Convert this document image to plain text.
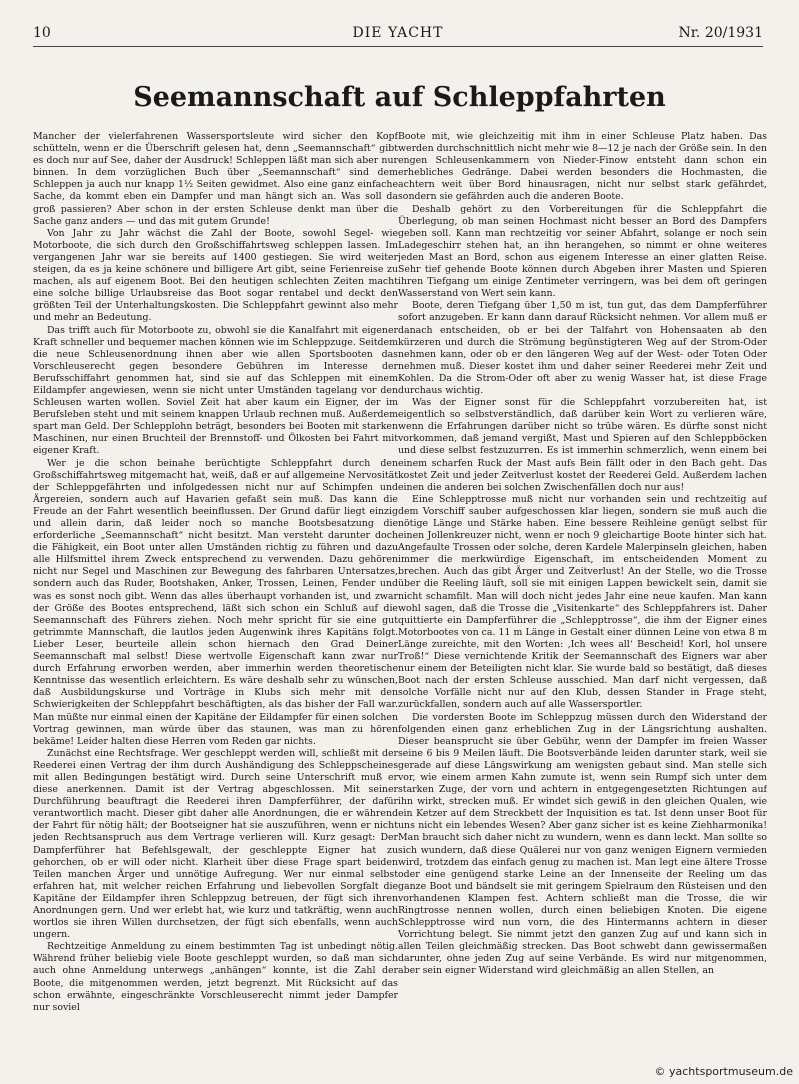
10	DIE YACHT	Nr. 20/1931
Seemannschaft auf Schleppfahrten

Mancher der vielerfahrenen Wassersportsleute wird sicher den Kopf schütteln, wenn er die Überschrift gelesen hat, denn „Seemannschaft“ gibt es doch nur auf See, daher der Ausdruck! Schleppen läßt man sich aber nur binnen. In dem vorzüglichen Buch über „Seemannschaft“ sind dem Schleppen ja auch nur knapp 1½ Seiten gewidmet. Also eine ganz einfache Sache, da kommt eben ein Dampfer und man hängt sich an. Was soll da groß passieren? Aber schon in der ersten Schleuse denkt man über die Sache ganz anders — und das mit gutem Grunde!

Von Jahr zu Jahr wächst die Zahl der Boote, sowohl Segel- wie Motorboote, die sich durch den Großschiffahrtsweg schleppen lassen. Im vergangenen Jahr war sie bereits auf 1400 gestiegen. Sie wird weiter steigen, da es ja keine schönere und billigere Art gibt, seine Ferienreise zu machen, als auf eigenem Boot. Bei den heutigen schlechten Zeiten macht eine solche billige Urlaubsreise das Boot sogar rentabel und deckt den größten Teil der Unterhaltungskosten. Die Schleppfahrt gewinnt also mehr und mehr an Bedeutung.

Das trifft auch für Motorboote zu, obwohl sie die Kanalfahrt mit eigener Kraft schneller und bequemer machen können wie im Schleppzuge. Seitdem die neue Schleusenordnung ihnen aber wie allen Sportsbooten das Vorschleuserecht gegen besondere Gebühren im Interesse der Berufsschiffahrt genommen hat, sind sie auf das Schleppen mit einem Eildampfer angewiesen, wenn sie nicht unter Umständen tagelang vor den Schleusen warten wollen. Soviel Zeit hat aber kaum ein Eigner, der im Berufsleben steht und mit seinem knappen Urlaub rechnen muß. Außerdem spart man Geld. Der Schlepplohn beträgt, besonders bei Booten mit starken Maschinen, nur einen Bruchteil der Brennstoff- und Ölkosten bei Fahrt mit eigener Kraft.

Wer je die schon beinahe berüchtigte Schleppfahrt durch den Großschiffahrtsweg mitgemacht hat, weiß, daß er auf allgemeine Nervosität der Schleppgefährten und infolgedessen nicht nur auf Schimpfen und Ärgereien, sondern auch auf Havarien gefaßt sein muß. Das kann die Freude an der Fahrt wesentlich beeinflussen. Der Grund dafür liegt einzig und allein darin, daß leider noch so manche Bootsbesatzung die erforderliche „Seemannschaft“ nicht besitzt. Man versteht darunter doch die Fähigkeit, ein Boot unter allen Umständen richtig zu führen und dazu alle Hilfsmittel ihrem Zweck entsprechend zu verwenden. Dazu gehören nicht nur Segel und Maschinen zur Bewegung des fahrbaren Untersatzes, sondern auch das Ruder, Bootshaken, Anker, Trossen, Leinen, Fender und was es sonst noch gibt. Wenn das alles überhaupt vorhanden ist, und zwar der Größe des Bootes entsprechend, läßt sich schon ein Schluß auf die Seemannschaft des Führers ziehen. Noch mehr spricht für sie eine gut getrimmte Mannschaft, die lautlos jeden Augenwink ihres Kapitäns folgt. Lieber Leser, beurteile allein schon hiernach den Grad Deiner Seemannschaft mal selbst! Diese wertvolle Eigenschaft kann zwar nur durch Erfahrung erworben werden, aber immerhin werden theoretische Kenntnisse das wesentlich erleichtern. Es wäre deshalb sehr zu wünschen, daß Ausbildungskurse und Vorträge in Klubs sich mehr mit den Schwierigkeiten der Schleppfahrt beschäftigten, als das bisher der Fall war. Man müßte nur einmal einen der Kapitäne der Eildampfer für einen solchen Vortrag gewinnen, man würde über das staunen, was man zu hören bekäme! Leider halten diese Herren vom Reden gar nichts.

Zunächst eine Rechtsfrage. Wer geschleppt werden will, schließt mit der Reederei einen Vertrag der ihm durch Aushändigung des Schleppscheines mit allen Bedingungen bestätigt wird. Durch seine Unterschrift muß er diese anerkennen. Damit ist der Vertrag abgeschlossen. Mit seiner Durchführung beauftragt die Reederei ihren Dampferführer, der dafür verantwortlich macht. Dieser gibt daher alle Anordnungen, die er während der Fahrt für nötig hält; der Bootseigner hat sie auszuführen, wenn er nicht jeden Rechtsanspruch aus dem Vertrage verlieren will. Kurz gesagt: Der Dampferführer hat Befehlsgewalt, der geschleppte Eigner hat zu gehorchen, ob er will oder nicht. Klarheit über diese Frage spart beiden Teilen manchen Ärger und unnötige Aufregung. Wer nur einmal selbst erfahren hat, mit welcher reichen Erfahrung und liebevollen Sorgfalt die Kapitäne der Eildampfer ihren Schleppzug betreuen, der fügt sich ihren Anordnungen gern. Und wer erlebt hat, wie kurz und tatkräftig, wenn auch wortlos sie ihren Willen durchsetzen, der fügt sich ebenfalls, wenn auch ungern.

Rechtzeitige Anmeldung zu einem bestimmten Tag ist unbedingt nötig. Während früher beliebig viele Boote geschleppt wurden, so daß man sich auch ohne Anmeldung unterwegs „anhängen“ konnte, ist die Zahl der Boote, die mitgenommen werden, jetzt begrenzt. Mit Rücksicht auf das schon erwähnte, eingeschränkte Vorschleuserecht nimmt jeder Dampfer nur soviel

Boote mit, wie gleichzeitig mit ihm in einer Schleuse Platz haben. Das werden durchschnittlich nicht mehr wie 8—12 je nach der Größe sein. In den engen Schleusenkammern von Nieder-Finow entsteht dann schon ein erhebliches Gedränge. Dabei werden besonders die Hochmasten, die achtern weit über Bord hinausragen, nicht nur selbst stark gefährdet, sondern sie gefährden auch die anderen Boote.

Deshalb gehört zu den Vorbereitungen für die Schleppfahrt die Überlegung, ob man seinen Hochmast nicht besser an Bord des Dampfers geben soll. Kann man rechtzeitig vor seiner Abfahrt, solange er noch sein Ladegeschirr stehen hat, an ihn herangehen, so nimmt er ohne weiteres jeden Mast an Bord, schon aus eigenem Interesse an einer glatten Reise. Sehr tief gehende Boote können durch Abgeben ihrer Masten und Spieren ihren Tiefgang um einige Zentimeter verringern, was bei dem oft geringen Wasserstand von Wert sein kann.

Boote, deren Tiefgang über 1,50 m ist, tun gut, das dem Dampferführer sofort anzugeben. Er kann dann darauf Rücksicht nehmen. Vor allem muß er danach entscheiden, ob er bei der Talfahrt von Hohensaaten ab den kürzeren und durch die Strömung begünstigteren Weg auf der Strom-Oder nehmen kann, oder ob er den längeren Weg auf der West- oder Toten Oder nehmen muß. Dieser kostet ihm und daher seiner Reederei mehr Zeit und Kohlen. Da die Strom-Oder oft aber zu wenig Wasser hat, ist diese Frage durchaus wichtig.

Was der Eigner sonst für die Schleppfahrt vorzubereiten hat, ist eigentlich so selbstverständlich, daß darüber kein Wort zu verlieren wäre, wenn die Erfahrungen darüber nicht so trübe wären. Es dürfte sonst nicht vorkommen, daß jemand vergißt, Mast und Spieren auf den Schleppböcken und diese selbst festzuzurren. Es ist immerhin schmerzlich, wenn einem bei einem scharfen Ruck der Mast aufs Bein fällt oder in den Bach geht. Das kostet Zeit und jeder Zeitverlust kostet der Reederei Geld. Außerdem lachen einen die anderen bei solchen Zwischenfällen doch nur aus!

Eine Schlepptrosse muß nicht nur vorhanden sein und rechtzeitig auf dem Vorschiff sauber aufgeschossen klar liegen, sondern sie muß auch die nötige Länge und Stärke haben. Eine bessere Reihleine genügt selbst für einen Jollenkreuzer nicht, wenn er noch 9 gleichartige Boote hinter sich hat. Angefaulte Trossen oder solche, deren Kardele Malerpinseln gleichen, haben immer die merkwürdige Eigenschaft, im entscheidenden Moment zu brechen. Auch das gibt Ärger und Zeitverlust! An der Stelle, wo die Trosse über die Reeling läuft, soll sie mit einigen Lappen bewickelt sein, damit sie nicht schamfilt. Man will doch nicht jedes Jahr eine neue kaufen. Man kann wohl sagen, daß die Trosse die „Visitenkarte“ des Schleppfahrers ist. Daher quittierte ein Dampferführer die „Schlepptrosse“, die ihm der Eigner eines Motorbootes von ca. 11 m Länge in Gestalt einer dünnen Leine von etwa 8 m Länge zureichte, mit den Worten: ‚Ich wees all‘ Bescheid! Korl, hol unsere Troß!“ Diese vernichtende Kritik der Seemannschaft des Eigners war aber nur einem der Beteiligten nicht klar. Sie wurde bald so bestätigt, daß dieses Boot nach der ersten Schleuse ausschied. Man darf nicht vergessen, daß solche Vorfälle nicht nur auf den Klub, dessen Stander in Frage steht, zurückfallen, sondern auch auf alle Wassersportler.

Die vordersten Boote im Schleppzug müssen durch den Widerstand der folgenden einen ganz erheblichen Zug in der Längsrichtung aushalten. Dieser beansprucht sie über Gebühr, wenn der Dampfer im freien Wasser seine 6 bis 9 Meilen läuft. Die Bootsverbände leiden darunter stark, weil sie gerade auf diese Längswirkung am wenigsten gebaut sind. Man stelle sich vor, wie einem armen Kahn zumute ist, wenn sein Rumpf sich unter dem starken Zuge, der vorn und achtern in entgegengesetzten Richtungen auf ihn wirkt, strecken muß. Er windet sich gewiß in den gleichen Qualen, wie ein Ketzer auf dem Streckbett der Inquisition es tat. Ist denn unser Boot für uns nicht ein lebendes Wesen? Aber ganz sicher ist es keine Ziehharmonika! Man braucht sich daher nicht zu wundern, wenn es dann leckt. Man sollte so sich wundern, daß diese Quälerei nur von ganz wenigen Eignern vermieden wird, trotzdem das einfach genug zu machen ist. Man legt eine ältere Trosse oder eine genügend starke Leine an der Innenseite der Reeling um das ganze Boot und bändselt sie mit geringem Spielraum den Rüsteisen und den vorhandenen Klampen fest. Achtern schließt man die Trosse, die wir Ringtrosse nennen wollen, durch einen beliebigen Knoten. Die eigene Schlepptrosse wird nun vorn, die des Hintermanns achtern in dieser Vorrichtung belegt. Sie nimmt jetzt den ganzen Zug auf und kann sich in allen Teilen gleichmäßig strecken. Das Boot schwebt dann gewissermaßen darunter, ohne jeden Zug auf seine Verbände. Es wird nur mitgenommen, aber sein eigner Widerstand wird gleichmäßig an allen Stellen, an

© yachtsportmuseum.de
